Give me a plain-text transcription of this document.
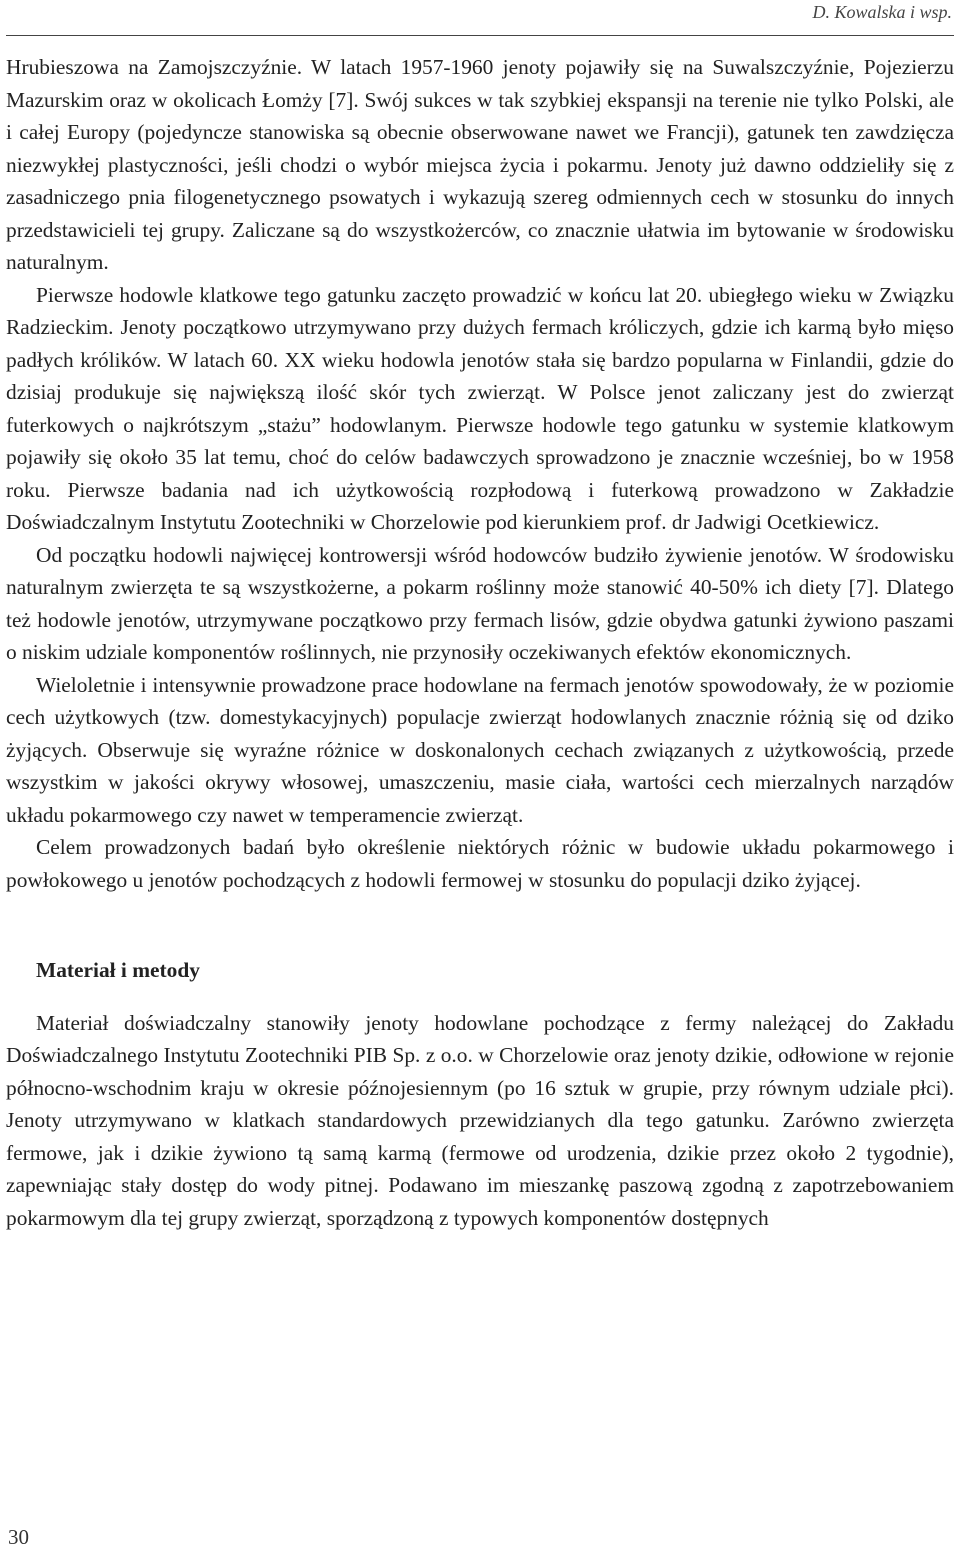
D. Kowalska i wsp.

Hrubieszowa na Zamojszczyźnie. W latach 1957-1960 jenoty pojawiły się na Suwalszczyźnie, Pojezierzu Mazurskim oraz w okolicach Łomży [7]. Swój sukces w tak szybkiej ekspansji na terenie nie tylko Polski, ale i całej Europy (pojedyncze stanowiska są obecnie obserwowane nawet we Francji), gatunek ten zawdzięcza niezwykłej plastyczności, jeśli chodzi o wybór miejsca życia i pokarmu. Jenoty już dawno oddzieliły się z zasadniczego pnia filogenetycznego psowatych i wykazują szereg odmiennych cech w stosunku do innych przedstawicieli tej grupy. Zaliczane są do wszystkożerców, co znacznie ułatwia im bytowanie w środowisku naturalnym.

Pierwsze hodowle klatkowe tego gatunku zaczęto prowadzić w końcu lat 20. ubiegłego wieku w Związku Radzieckim. Jenoty początkowo utrzymywano przy dużych fermach króliczych, gdzie ich karmą było mięso padłych królików. W latach 60. XX wieku hodowla jenotów stała się bardzo popularna w Finlandii, gdzie do dzisiaj produkuje się największą ilość skór tych zwierząt. W Polsce jenot zaliczany jest do zwierząt futerkowych o najkrótszym „stażu” hodowlanym. Pierwsze hodowle tego gatunku w systemie klatkowym pojawiły się około 35 lat temu, choć do celów badawczych sprowadzono je znacznie wcześniej, bo w 1958 roku. Pierwsze badania nad ich użytkowością rozpłodową i futerkową prowadzono w Zakładzie Doświadczalnym Instytutu Zootechniki w Chorzelowie pod kierunkiem prof. dr Jadwigi Ocetkiewicz.

Od początku hodowli najwięcej kontrowersji wśród hodowców budziło żywienie jenotów. W środowisku naturalnym zwierzęta te są wszystkożerne, a pokarm roślinny może stanowić 40-50% ich diety [7]. Dlatego też hodowle jenotów, utrzymywane początkowo przy fermach lisów, gdzie obydwa gatunki żywiono paszami o niskim udziale komponentów roślinnych, nie przynosiły oczekiwanych efektów ekonomicznych.

Wieloletnie i intensywnie prowadzone prace hodowlane na fermach jenotów spowodowały, że w poziomie cech użytkowych (tzw. domestykacyjnych) populacje zwierząt hodowlanych znacznie różnią się od dziko żyjących. Obserwuje się wyraźne różnice w doskonalonych cechach związanych z użytkowością, przede wszystkim w jakości okrywy włosowej, umaszczeniu, masie ciała, wartości cech mierzalnych narządów układu pokarmowego czy nawet w temperamencie zwierząt.

Celem prowadzonych badań było określenie niektórych różnic w budowie układu pokarmowego i powłokowego u jenotów pochodzących z hodowli fermowej w stosunku do populacji dziko żyjącej.

Materiał i metody

Materiał doświadczalny stanowiły jenoty hodowlane pochodzące z fermy należącej do Zakładu Doświadczalnego Instytutu Zootechniki PIB Sp. z o.o. w Chorzelowie oraz jenoty dzikie, odłowione w rejonie północno-wschodnim kraju w okresie późnojesiennym (po 16 sztuk w grupie, przy równym udziale płci). Jenoty utrzymywano w klatkach standardowych przewidzianych dla tego gatunku. Zarówno zwierzęta fermowe, jak i dzikie żywiono tą samą karmą (fermowe od urodzenia, dzikie przez około 2 tygodnie), zapewniając stały dostęp do wody pitnej. Podawano im mieszankę paszową zgodną z zapotrzebowaniem pokarmowym dla tej grupy zwierząt, sporządzoną z typowych komponentów dostępnych

30
